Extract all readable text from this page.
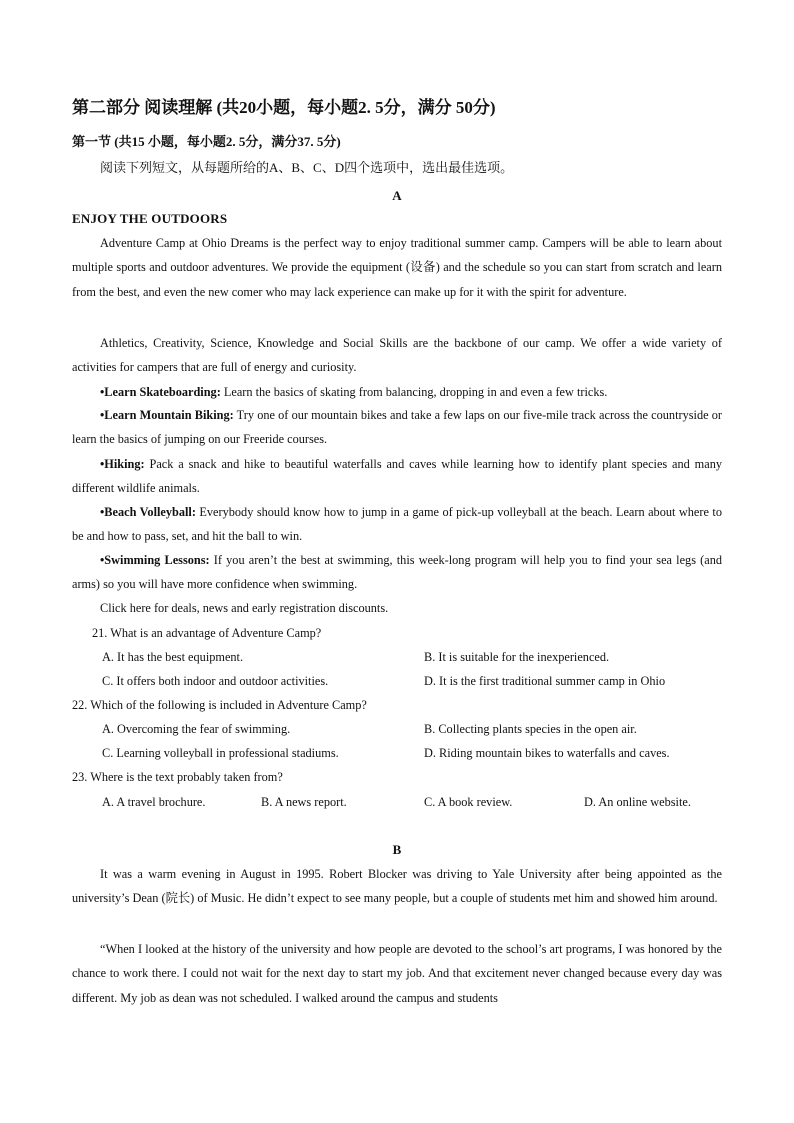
第二部分 阅读理解 (共20小题，每小题2. 5分，满分 50分)
第一节 (共15 小题，每小题2. 5分，满分37. 5分)
阅读下列短文，从每题所给的A、B、C、D四个选项中，选出最佳选项。
A
ENJOY THE OUTDOORS
Adventure Camp at Ohio Dreams is the perfect way to enjoy traditional summer camp. Campers will be able to learn about multiple sports and outdoor adventures. We provide the equipment (设备) and the schedule so you can start from scratch and learn from the best, and even the new comer who may lack experience can make up for it with the spirit for adventure.
Athletics, Creativity, Science, Knowledge and Social Skills are the backbone of our camp. We offer a wide variety of activities for campers that are full of energy and curiosity.
•Learn Skateboarding: Learn the basics of skating from balancing, dropping in and even a few tricks.
•Learn Mountain Biking: Try one of our mountain bikes and take a few laps on our five-mile track across the countryside or learn the basics of jumping on our Freeride courses.
•Hiking: Pack a snack and hike to beautiful waterfalls and caves while learning how to identify plant species and many different wildlife animals.
•Beach Volleyball: Everybody should know how to jump in a game of pick-up volleyball at the beach. Learn about where to be and how to pass, set, and hit the ball to win.
•Swimming Lessons: If you aren’t the best at swimming, this week-long program will help you to find your sea legs (and arms) so you will have more confidence when swimming.
Click here for deals, news and early registration discounts.
21. What is an advantage of Adventure Camp?
A. It has the best equipment.	B. It is suitable for the inexperienced.
C. It offers both indoor and outdoor activities.	D. It is the first traditional summer camp in Ohio
22. Which of the following is included in Adventure Camp?
A. Overcoming the fear of swimming.	B. Collecting plants species in the open air.
C. Learning volleyball in professional stadiums.	D. Riding mountain bikes to waterfalls and caves.
23. Where is the text probably taken from?
A. A travel brochure.	B. A news report.	C. A book review.	D. An online website.
B
It was a warm evening in August in 1995. Robert Blocker was driving to Yale University after being appointed as the university’s Dean (院长) of Music. He didn’t expect to see many people, but a couple of students met him and showed him around.
“When I looked at the history of the university and how people are devoted to the school’s art programs, I was honored by the chance to work there. I could not wait for the next day to start my job. And that excitement never changed because every day was different. My job as dean was not scheduled. I walked around the campus and students
